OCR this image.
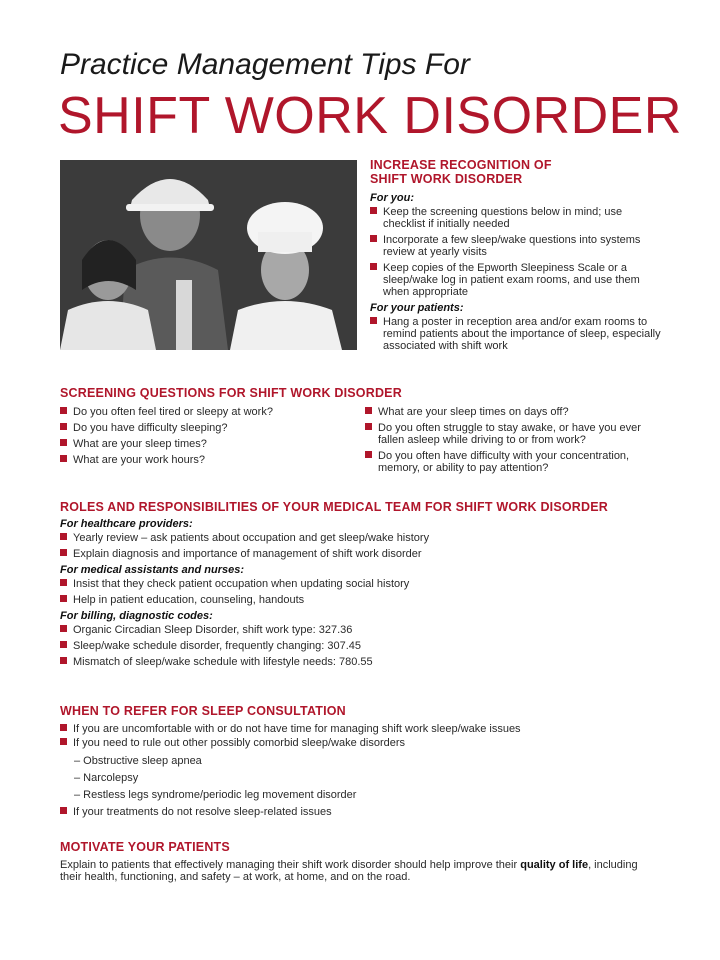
Practice Management Tips For
SHIFT WORK DISORDER
INCREASE RECOGNITION OF
SHIFT WORK DISORDER
For you:
Keep the screening questions below in mind; use checklist if initially needed
Incorporate a few sleep/wake questions into systems review at yearly visits
Keep copies of the Epworth Sleepiness Scale or a sleep/wake log in patient exam rooms, and use them when appropriate
For your patients:
Hang a poster in reception area and/or exam rooms to remind patients about the importance of sleep, especially associated with shift work
SCREENING QUESTIONS FOR SHIFT WORK DISORDER
Do you often feel tired or sleepy at work?
Do you have difficulty sleeping?
What are your sleep times?
What are your work hours?
What are your sleep times on days off?
Do you often struggle to stay awake, or have you ever fallen asleep while driving to or from work?
Do you often have difficulty with your concentration, memory, or ability to pay attention?
ROLES AND RESPONSIBILITIES OF YOUR MEDICAL TEAM FOR SHIFT WORK DISORDER
For healthcare providers:
Yearly review – ask patients about occupation and get sleep/wake history
Explain diagnosis and importance of management of shift work disorder
For medical assistants and nurses:
Insist that they check patient occupation when updating social history
Help in patient education, counseling, handouts
For billing, diagnostic codes:
Organic Circadian Sleep Disorder, shift work type: 327.36
Sleep/wake schedule disorder, frequently changing: 307.45
Mismatch of sleep/wake schedule with lifestyle needs: 780.55
WHEN TO REFER FOR SLEEP CONSULTATION
If you are uncomfortable with or do not have time for managing shift work sleep/wake issues
If you need to rule out other possibly comorbid sleep/wake disorders
– Obstructive sleep apnea
– Narcolepsy
– Restless legs syndrome/periodic leg movement disorder
If your treatments do not resolve sleep-related issues
MOTIVATE YOUR PATIENTS
Explain to patients that effectively managing their shift work disorder should help improve their quality of life, including their health, functioning, and safety – at work, at home, and on the road.
